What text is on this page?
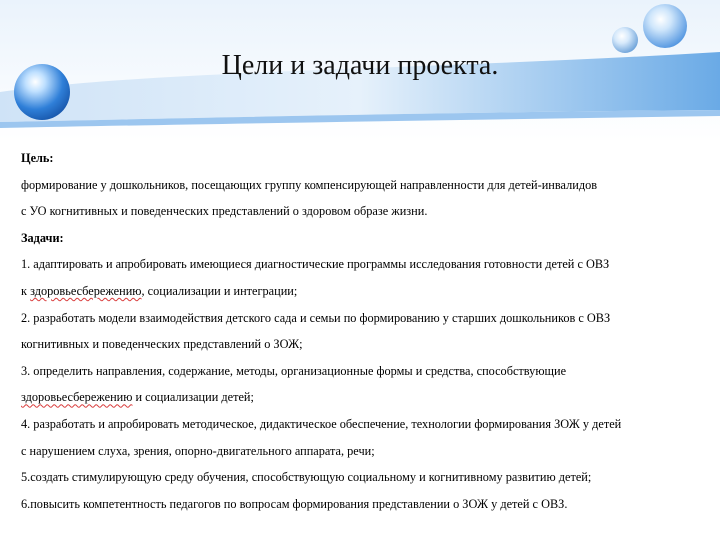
Цели и задачи проекта.

Цель:

формирование у дошкольников, посещающих группу компенсирующей направленности для детей-инвалидов

с УО когнитивных и поведенческих представлений о здоровом образе жизни.

Задачи:

1. адаптировать и апробировать имеющиеся диагностические программы исследования готовности детей с ОВЗ

к здоровьесбережению, социализации и интеграции;

2. разработать модели взаимодействия детского сада и семьи по формированию у старших дошкольников с ОВЗ

когнитивных и поведенческих представлений о ЗОЖ;

3. определить направления, содержание, методы, организационные формы и средства, способствующие

здоровьесбережению и социализации детей;

4. разработать и апробировать методическое, дидактическое обеспечение, технологии формирования ЗОЖ у детей

с нарушением слуха, зрения, опорно-двигательного аппарата, речи;

5.создать стимулирующую среду обучения, способствующую социальному и когнитивному развитию детей;

6.повысить компетентность педагогов по вопросам формирования представлении о ЗОЖ у детей с ОВЗ.
